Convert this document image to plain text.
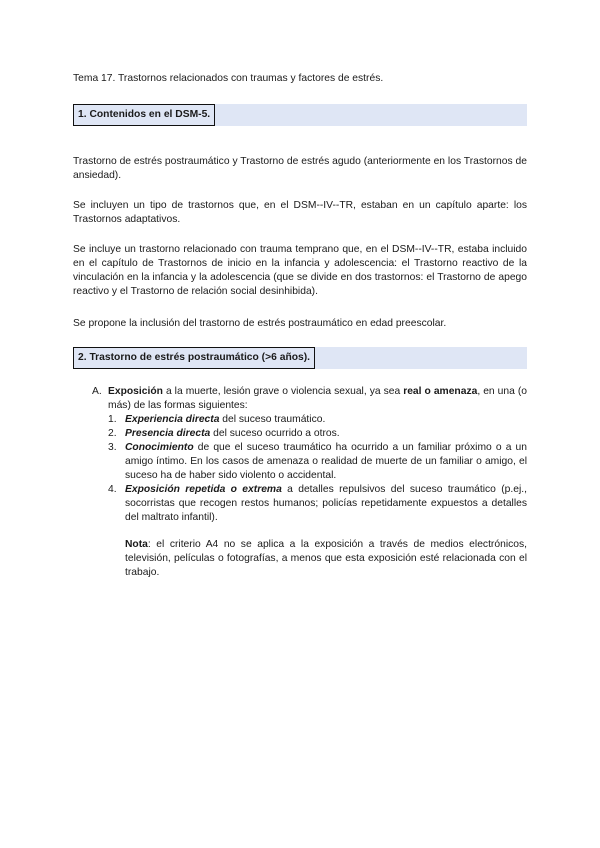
Tema 17. Trastornos relacionados con traumas y factores de estrés.
1. Contenidos en el DSM-5.

Trastorno de estrés postraumático y Trastorno de estrés agudo (anteriormente en los Trastornos de ansiedad).

Se incluyen un tipo de trastornos que, en el DSM--IV--TR, estaban en un capítulo aparte: los Trastornos adaptativos.

Se incluye un trastorno relacionado con trauma temprano que, en el DSM--IV--TR, estaba incluido en el capítulo de Trastornos de inicio en la infancia y adolescencia: el Trastorno reactivo de la vinculación en la infancia y la adolescencia (que se divide en dos trastornos: el Trastorno de apego reactivo y el Trastorno de relación social desinhibida).

Se propone la inclusión del trastorno de estrés postraumático en edad preescolar.

2. Trastorno de estrés postraumático (>6 años).
A. Exposición a la muerte, lesión grave o violencia sexual, ya sea real o amenaza, en una (o más) de las formas siguientes:

1. Experiencia directa del suceso traumático.

2. Presencia directa del suceso ocurrido a otros.

3. Conocimiento de que el suceso traumático ha ocurrido a un familiar próximo o a un amigo íntimo. En los casos de amenaza o realidad de muerte de un familiar o amigo, el suceso ha de haber sido violento o accidental.

4. Exposición repetida o extrema a detalles repulsivos del suceso traumático (p.ej., socorristas que recogen restos humanos; policías repetidamente expuestos a detalles del maltrato infantil).

Nota: el criterio A4 no se aplica a la exposición a través de medios electrónicos, televisión, películas o fotografías, a menos que esta exposición esté relacionada con el trabajo.
